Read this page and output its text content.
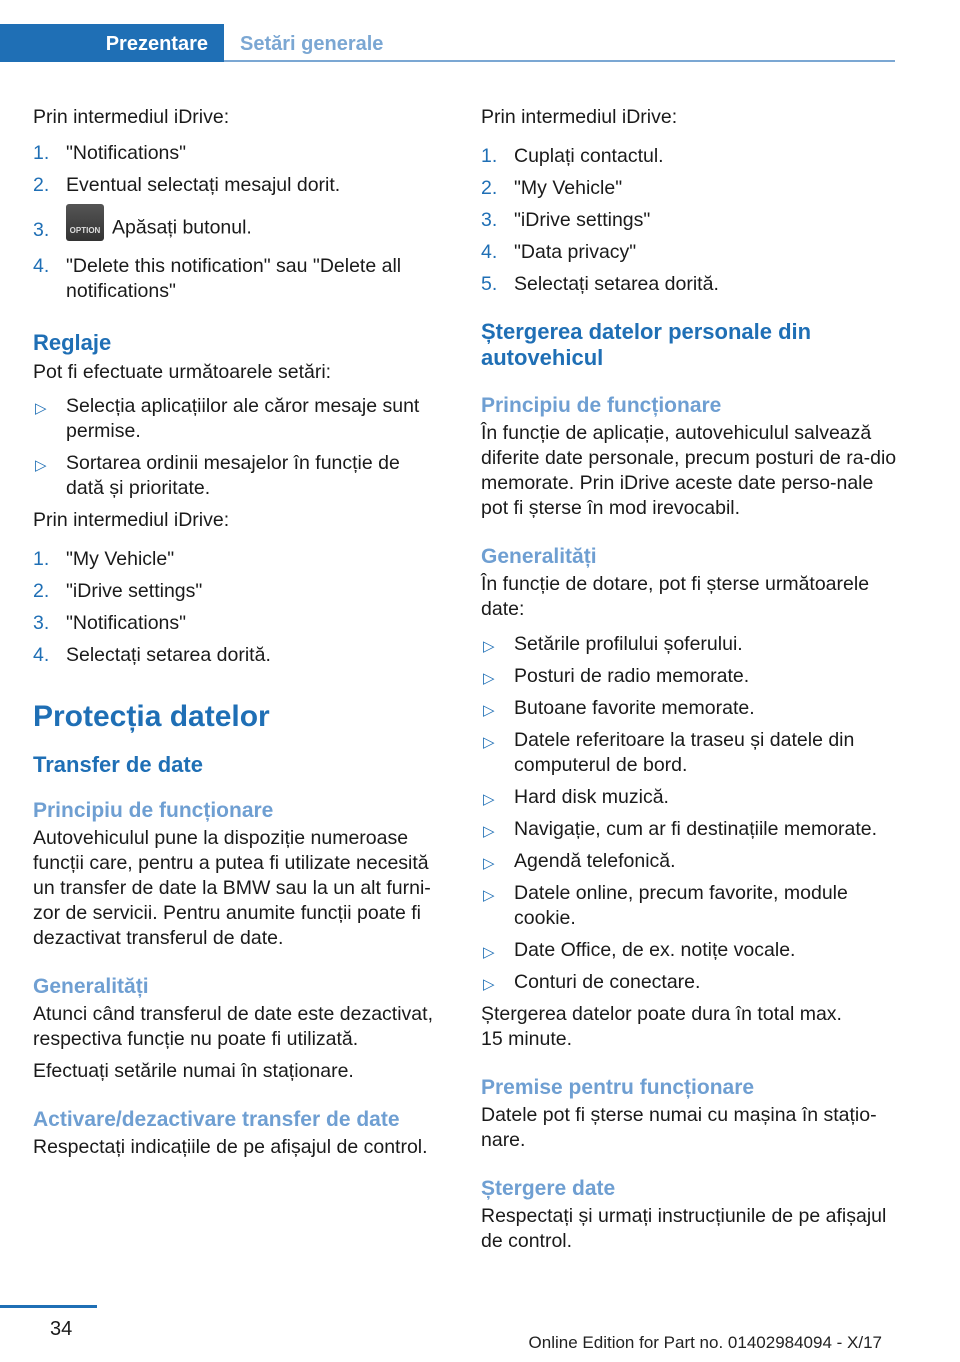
Prezentare Setări generale

Prin intermediul iDrive:

1. "Notifications"
2. Eventual selectați mesajul dorit.
3.	OPTION Apăsați butonul.
4. "Delete this notification" sau "Delete all notifications"
Reglaje

Pot fi efectuate următoarele setări:

▷ Selecția aplicațiilor ale căror mesaje sunt permise.
▷ Sortarea ordinii mesajelor în funcție de dată și prioritate.

Prin intermediul iDrive:

1. "My Vehicle"
2. "iDrive settings"
3. "Notifications"
4. Selectați setarea dorită.
Protecția datelor
Transfer de date
Principiu de funcționare

Autovehiculul pune la dispoziție numeroase funcții care, pentru a putea fi utilizate necesită un transfer de date la BMW sau la un alt furni-zor de servicii. Pentru anumite funcții poate fi dezactivat transferul de date.

Generalități

Atunci când transferul de date este dezactivat, respectiva funcție nu poate fi utilizată.

Efectuați setările numai în staționare.

Activare/dezactivare transfer de date

Respectați indicațiile de pe afișajul de control.

Prin intermediul iDrive:

1. Cuplați contactul.
2. "My Vehicle"
3. "iDrive settings"
4. "Data privacy"
5. Selectați setarea dorită.
Ștergerea datelor personale din autovehicul
Principiu de funcționare

În funcție de aplicație, autovehiculul salvează diferite date personale, precum posturi de ra-dio memorate. Prin iDrive aceste date perso-nale pot fi șterse în mod irevocabil.

Generalități

În funcție de dotare, pot fi șterse următoarele date:

▷ Setările profilului șoferului.
▷ Posturi de radio memorate.
▷ Butoane favorite memorate.
▷ Datele referitoare la traseu și datele din computerul de bord.
▷ Hard disk muzică.
▷ Navigație, cum ar fi destinațiile memorate.
▷ Agendă telefonică.
▷ Datele online, precum favorite, module cookie.
▷ Date Office, de ex. notițe vocale.
▷ Conturi de conectare.

Ștergerea datelor poate dura în total max. 15 minute.

Premise pentru funcționare

Datele pot fi șterse numai cu mașina în stațio-nare.

Ștergere date

Respectați și urmați instrucțiunile de pe afișajul de control.

34
Online Edition for Part no. 01402984094 - X/17
